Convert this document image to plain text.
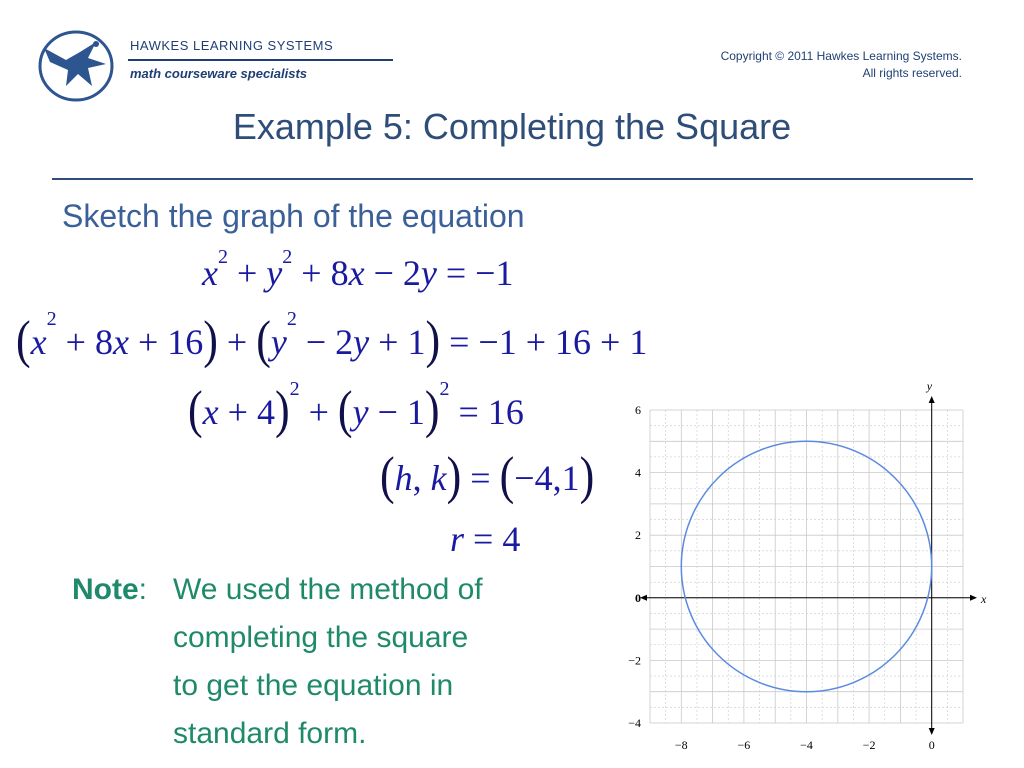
HAWKES LEARNING SYSTEMS
math courseware specialists
Copyright © 2011 Hawkes Learning Systems.
All rights reserved.
Example 5: Completing the Square
Sketch the graph of the equation
$x^2 + y^2 + 8x - 2y = -1$
$(x^2 + 8x + 16) + (y^2 - 2y + 1) = -1 + 16 + 1$
$(x + 4)^2 + (y - 1)^2 = 16$
(h, k) = (−4,1)
r = 4
Note: We used the method of
completing the square
to get the equation in
standard form.	−8	−6	−4	−2	0
6
4
2
0
−2
−4
x
y
